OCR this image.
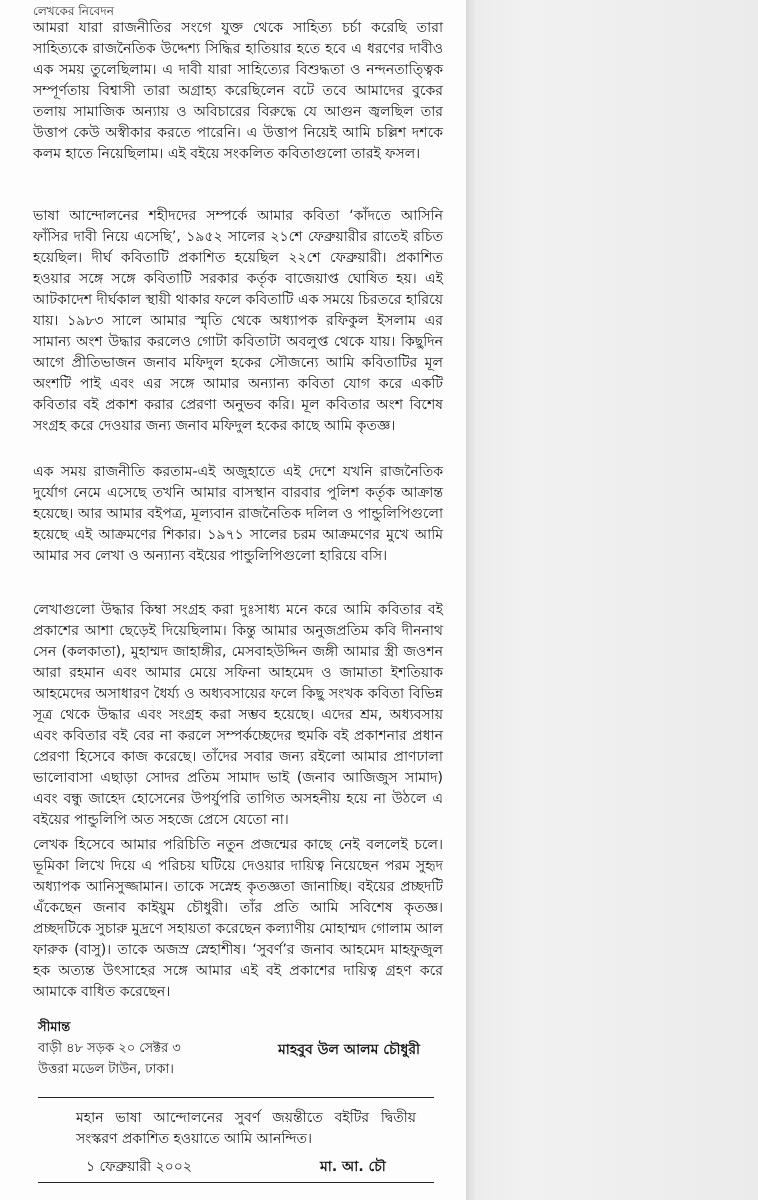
লেখকের নিবেদন

আমরা যারা রাজনীতির সংগে যুক্ত থেকে সাহিত্য চর্চা করেছি তারা সাহিত্যকে রাজনৈতিক উদ্দেশ্য সিদ্ধির হাতিয়ার হতে হবে এ ধরণের দাবীও এক সময় তুলেছিলাম। এ দাবী যারা সাহিত্যের বিশুদ্ধতা ও নন্দনতাত্ত্বিক সম্পূর্ণতায় বিশ্বাসী তারা অগ্রাহ্য করেছিলেন বটে তবে আমাদের বুকের তলায় সামাজিক অন্যায় ও অবিচারের বিরুদ্ধে যে আগুন জ্বলছিল তার উত্তাপ কেউ অস্বীকার করতে পারেনি। এ উত্তাপ নিয়েই আমি চল্লিশ দশকে কলম হাতে নিয়েছিলাম। এই বইয়ে সংকলিত কবিতাগুলো তারই ফসল।

ভাষা আন্দোলনের শহীদদের সম্পর্কে আমার কবিতা ‘কাঁদতে আসিনি ফাঁসির দাবী নিয়ে এসেছি’, ১৯৫২ সালের ২১শে ফেব্রুয়ারীর রাতেই রচিত হয়েছিল। দীর্ঘ কবিতাটি প্রকাশিত হয়েছিল ২২শে ফেব্রুয়ারী। প্রকাশিত হওয়ার সঙ্গে সঙ্গে কবিতাটি সরকার কর্তৃক বাজেয়াপ্ত ঘোষিত হয়। এই আটকাদেশ দীর্ঘকাল স্থায়ী থাকার ফলে কবিতাটি এক সময়ে চিরতরে হারিয়ে যায়। ১৯৮৩ সালে আমার স্মৃতি থেকে অধ্যাপক রফিকুল ইসলাম এর সামান্য অংশ উদ্ধার করলেও গোটা কবিতাটা অবলুপ্ত থেকে যায়। কিছুদিন আগে প্রীতিভাজন জনাব মফিদুল হকের সৌজন্যে আমি কবিতাটির মূল অংশটি পাই এবং এর সঙ্গে আমার অন্যান্য কবিতা যোগ করে একটি কবিতার বই প্রকাশ করার প্রেরণা অনুভব করি। মূল কবিতার অংশ বিশেষ সংগ্রহ করে দেওয়ার জন্য জনাব মফিদুল হকের কাছে আমি কৃতজ্ঞ।

এক সময় রাজনীতি করতাম-এই অজুহাতে এই দেশে যখনি রাজনৈতিক দুর্যোগ নেমে এসেছে তখনি আমার বাসস্থান বারবার পুলিশ কর্তৃক আক্রান্ত হয়েছে। আর আমার বইপত্র, মূল্যবান রাজনৈতিক দলিল ও পান্ডুলিপিগুলো হয়েছে এই আক্রমণের শিকার। ১৯৭১ সালের চরম আক্রমণের মুখে আমি আমার সব লেখা ও অন্যান্য বইয়ের পান্ডুলিপিগুলো হারিয়ে বসি।

লেখাগুলো উদ্ধার কিম্বা সংগ্রহ করা দুঃসাধ্য মনে করে আমি কবিতার বই প্রকাশের আশা ছেড়েই দিয়েছিলাম। কিন্তু আমার অনুজপ্রতিম কবি দীননাথ সেন (কলকাতা), মুহাম্মদ জাহাঙ্গীর, মেসবাহউদ্দিন জঙ্গী আমার স্ত্রী জওশন আরা রহমান এবং আমার মেয়ে সফিনা আহমেদ ও জামাতা ইশতিয়াক আহমেদের অসাধারণ ধৈর্য্য ও অধ্যবসায়ের ফলে কিছু সংখক কবিতা বিভিন্ন সূত্র থেকে উদ্ধার এবং সংগ্রহ করা সম্ভব হয়েছে। এদের শ্রম, অধ্যবসায় এবং কবিতার বই বের না করলে সম্পর্কচ্ছেদের হুমকি বই প্রকাশনার প্রধান প্রেরণা হিসেবে কাজ করেছে। তাঁদের সবার জন্য রইলো আমার প্রাণঢালা ভালোবাসা এছাড়া সোদর প্রতিম সামাদ ভাই (জনাব আজিজুস সামাদ) এবং বন্ধু জাহেদ হোসেনের উপর্যুপরি তাগিত অসহনীয় হয়ে না উঠলে এ বইয়ের পান্ডুলিপি অত সহজে প্রেসে যেতো না।

লেখক হিসেবে আমার পরিচিতি নতুন প্রজন্মের কাছে নেই বললেই চলে। ভূমিকা লিখে দিয়ে এ পরিচয় ঘটিয়ে দেওয়ার দায়িত্ব নিয়েছেন পরম সুহৃদ অধ্যাপক আনিসুজ্জামান। তাকে সস্নেহ কৃতজ্ঞতা জানাচ্ছি। বইয়ের প্রচ্ছদটি এঁকেছেন জনাব কাইয়ুম চৌধুরী। তাঁর প্রতি আমি সবিশেষ কৃতজ্ঞ। প্রচ্ছদটিকে সুচারু মুদ্রণে সহায়তা করেছেন কল্যাণীয় মোহাম্মদ গোলাম আল ফারুক (বাসু)। তাকে অজস্র স্নেহাশীষ। ‘সুবর্ণ’র জনাব আহমেদ মাহফুজুল হক অত্যন্ত উৎসাহের সঙ্গে আমার এই বই প্রকাশের দায়িত্ব গ্রহণ করে আমাকে বাধিত করেছেন।

সীমান্ত
বাড়ী ৪৮ সড়ক ২০ সেক্টর ৩
উত্তরা মডেল টাউন, ঢাকা।
মাহবুব উল আলম চৌধুরী
মহান ভাষা আন্দোলনের সুবর্ণ জয়ন্তীতে বইটির দ্বিতীয় সংস্করণ প্রকাশিত হওয়াতে আমি আনন্দিত।
১ ফেব্রুয়ারী ২০০২	মা. আ. চৌ
